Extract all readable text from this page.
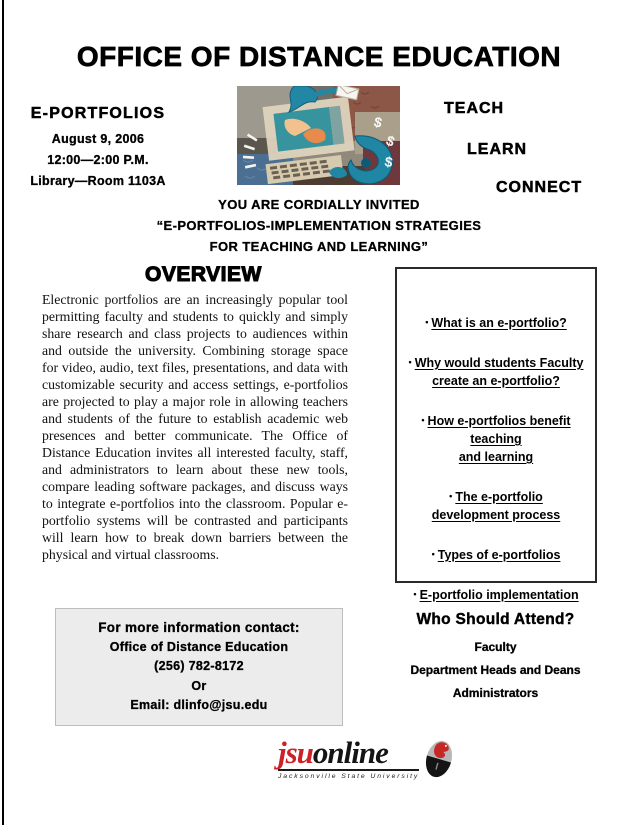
OFFICE OF DISTANCE EDUCATION
E-PORTFOLIOS
August 9, 2006
12:00—2:00 P.M.
Library—Room 1103A
$
$
$
TEACH
LEARN
CONNECT
YOU ARE CORDIALLY INVITED
“E-PORTFOLIOS-IMPLEMENTATION STRATEGIES
FOR TEACHING AND LEARNING”
OVERVIEW
Electronic portfolios are an increasingly popular tool permitting faculty and students to quickly and simply share research and class projects to audiences within and outside the university. Combining storage space for video, audio, text files, presentations, and data with customizable security and access settings, e-portfolios are projected to play a major role in allowing teachers and students of the future to establish academic web presences and better communicate. The Office of Distance Education invites all interested faculty, staff, and administrators to learn about these new tools, compare leading software packages, and discuss ways to integrate e-portfolios into the classroom. Popular e-portfolio systems will be contrasted and participants will learn how to break down barriers between the physical and virtual classrooms.
• What is an e-portfolio?
• Why would students Faculty
create an e-portfolio?
• How e-portfolios benefit teaching
and learning
• The e-portfolio
development process
• Types of e-portfolios
• E-portfolio implementation
For more information contact:
Office of Distance Education
(256) 782-8172
Or
Email: dlinfo@jsu.edu
Who Should Attend?
Faculty
Department Heads and Deans
Administrators
jsuonline
Jacksonville State University
